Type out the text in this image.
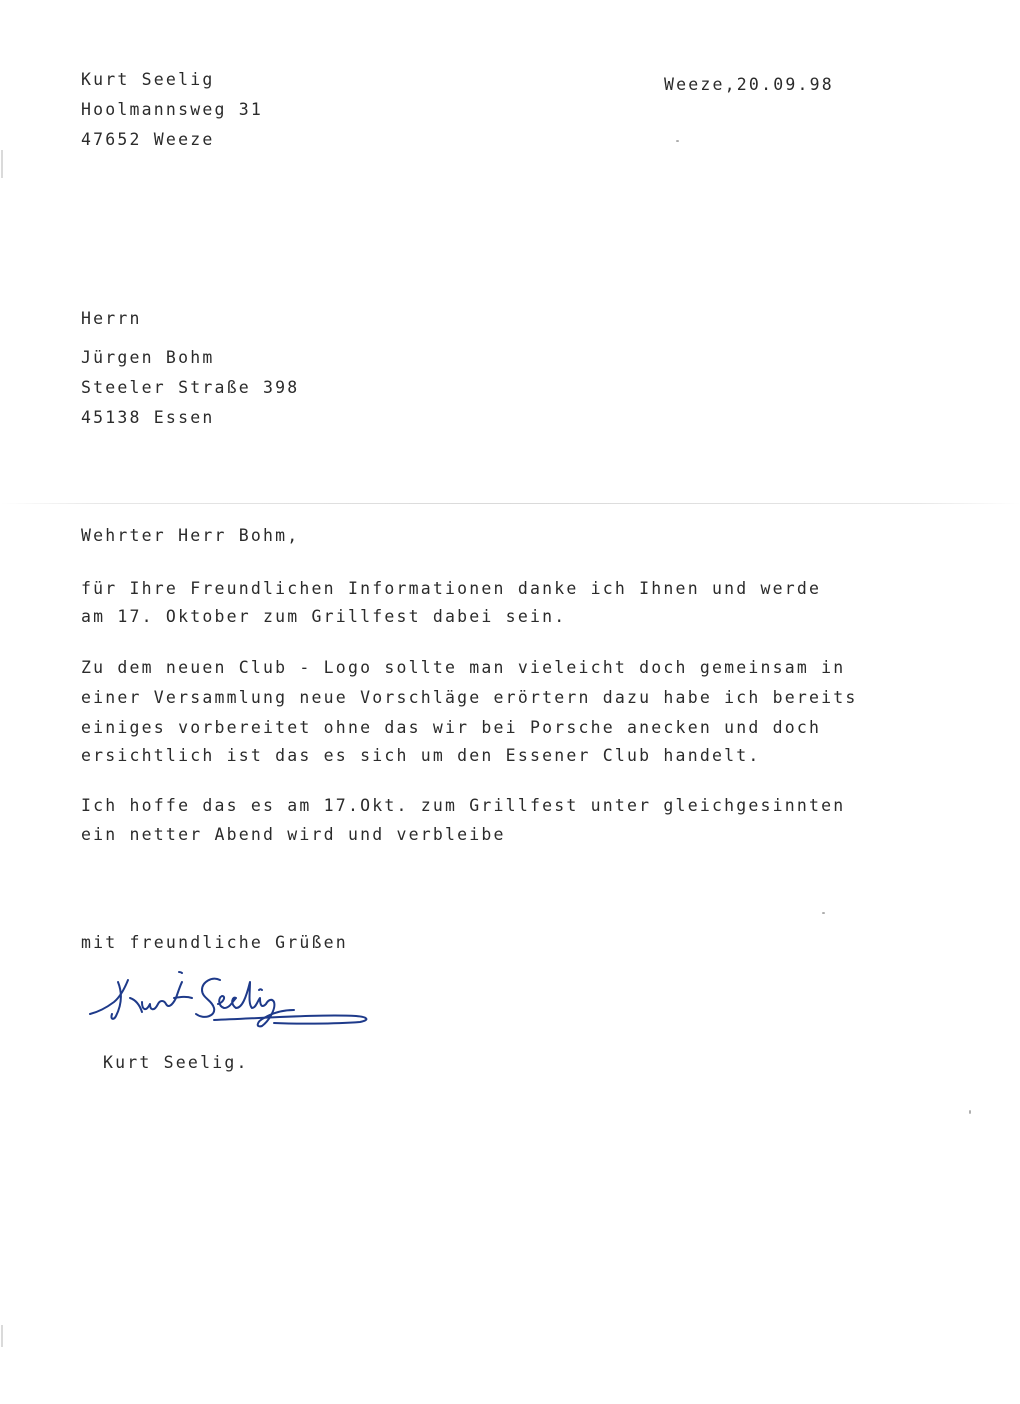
Kurt Seelig
Hoolmannsweg 31
47652 Weeze
Weeze,20.09.98
Herrn
Jürgen Bohm
Steeler Straße 398
45138 Essen
Wehrter Herr Bohm,
für Ihre Freundlichen Informationen danke ich Ihnen und werde
am 17. Oktober zum Grillfest dabei sein.
Zu dem neuen Club - Logo sollte man vieleicht doch gemeinsam in
einer Versammlung neue Vorschläge erörtern dazu habe ich bereits
einiges vorbereitet ohne das wir bei Porsche anecken und doch
ersichtlich ist das es sich um den Essener Club handelt.
Ich hoffe das es am 17.Okt. zum Grillfest unter gleichgesinnten
ein netter Abend wird und verbleibe
mit freundliche Grüßen
Kurt Seelig.
